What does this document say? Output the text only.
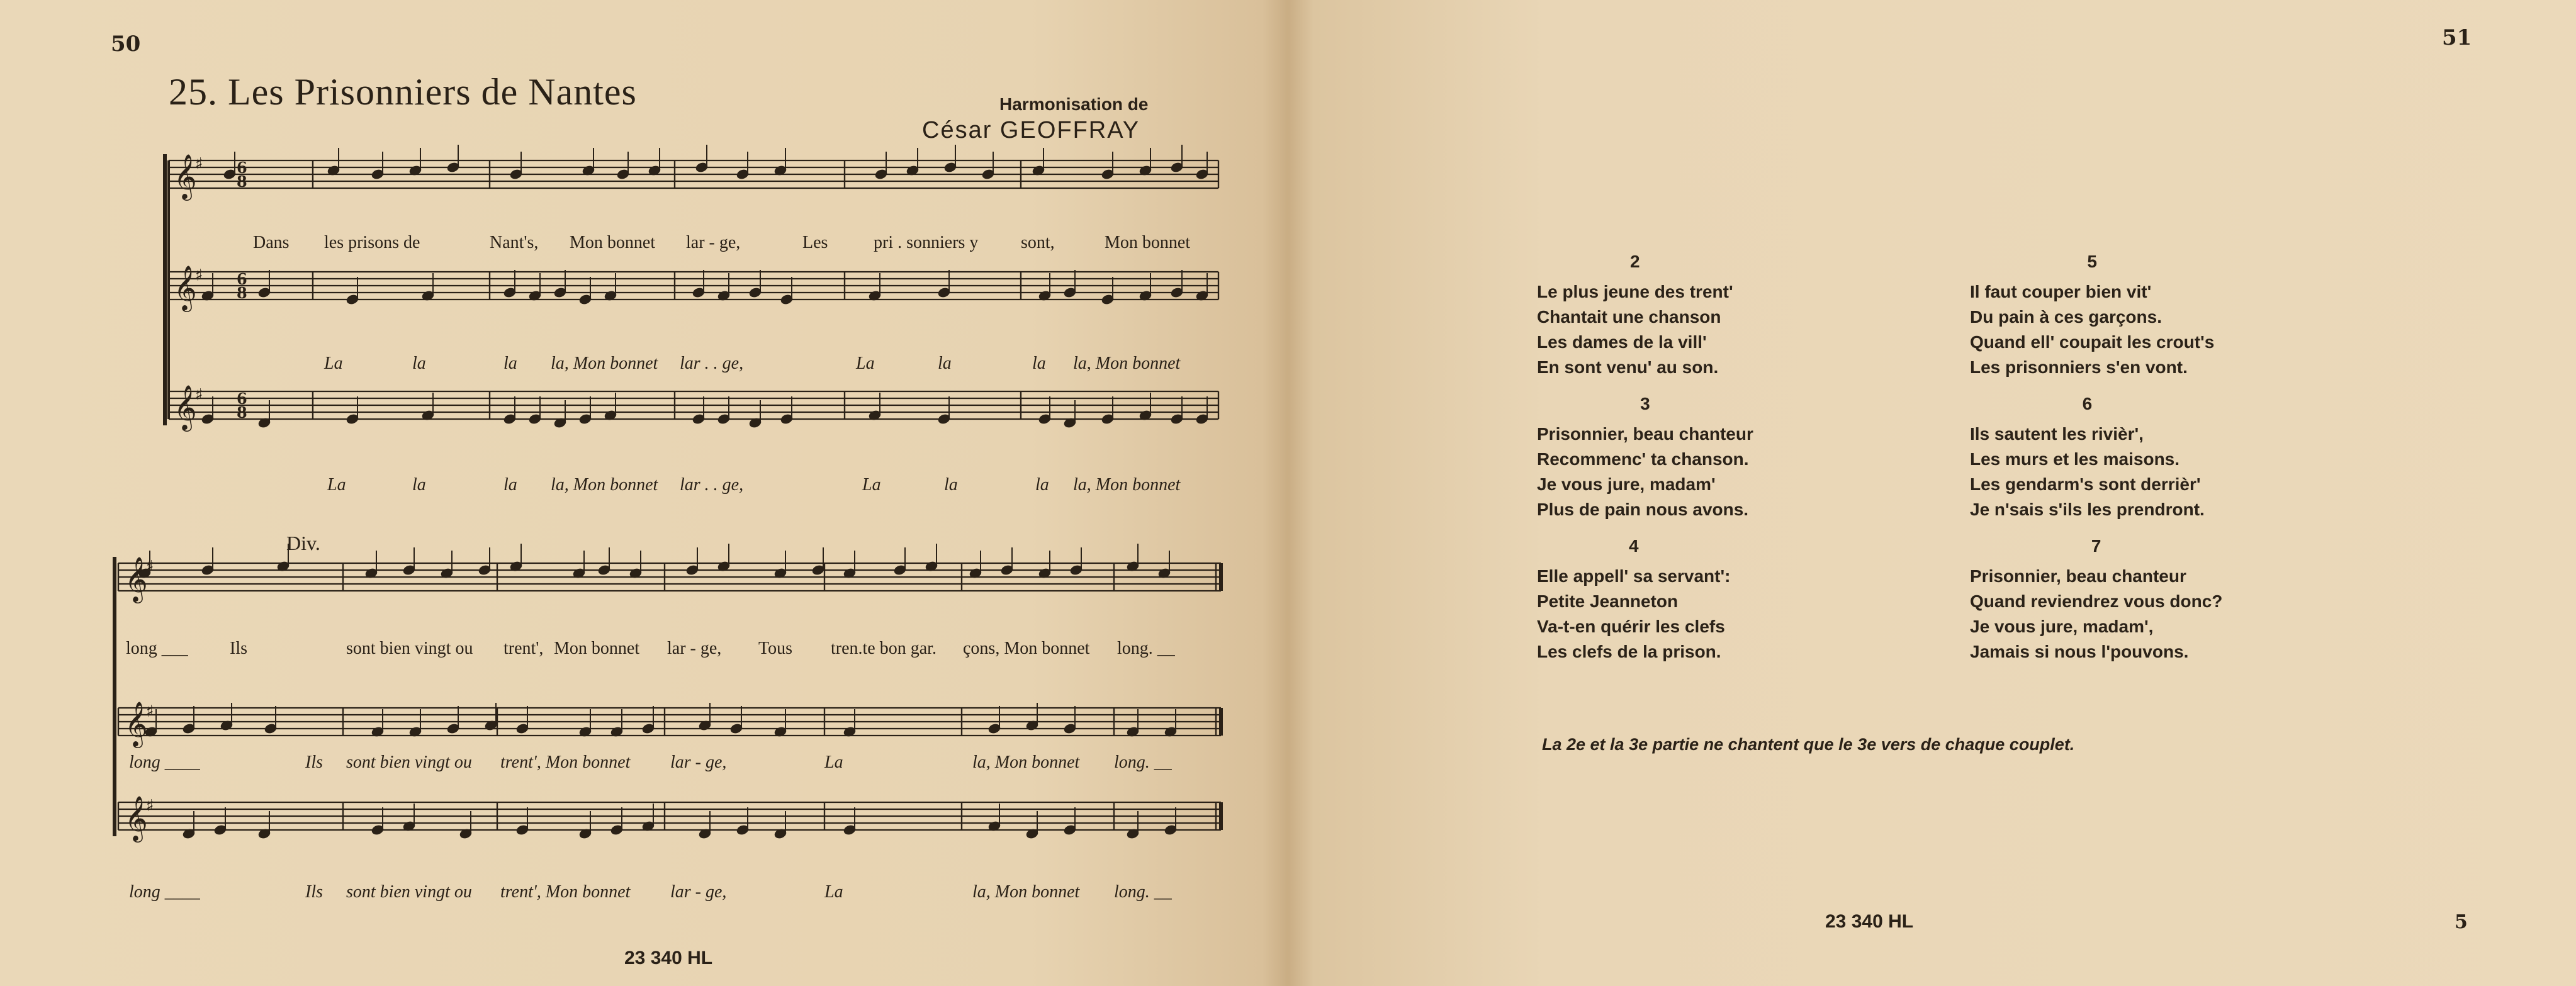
50
25. Les Prisonniers de Nantes	Harmonisation de
César GEOFFRAY
Div.
23 340 HL
𝄞
♯ 6
8
𝄞
♯ 6
8
𝄞
♯ 6
8
𝄞
♯
𝄞
♯
𝄞
♯
Dans les prisons de	Nant's, Mon bonnet lar - ge,	Les	pri . sonniers y sont,	Mon bonnet
La	la	la la, Mon bonnet lar . . ge,	La	la	la la, Mon bonnet
La	la	la la, Mon bonnet lar . . ge,	La	la	la la, Mon bonnet
long ___ Ils	sont bien vingt ou trent', Mon bonnet lar - ge, Tous tren.te bon gar. çons, Mon bonnet long. __
long ____	Ils sont bien vingt ou trent', Mon bonnet lar - ge,	La	la, Mon bonnet long. __
long ____	Ils sont bien vingt ou trent', Mon bonnet lar - ge,	La	la, Mon bonnet long. __
51
23 340 HL	5
2
Le plus jeune des trent'
Chantait une chanson
Les dames de la vill'
En sont venu' au son.
3
Prisonnier, beau chanteur
Recommenc' ta chanson.
Je vous jure, madam'
Plus de pain nous avons.
4
Elle appell' sa servant':
Petite Jeanneton
Va-t-en quérir les clefs
Les clefs de la prison.
5
Il faut couper bien vit'
Du pain à ces garçons.
Quand ell' coupait les crout's
Les prisonniers s'en vont.
6
Ils sautent les rivièr',
Les murs et les maisons.
Les gendarm's sont derrièr'
Je n'sais s'ils les prendront.
7
Prisonnier, beau chanteur
Quand reviendrez vous donc?
Je vous jure, madam',
Jamais si nous l'pouvons.
La 2e et la 3e partie ne chantent que le 3e vers de chaque couplet.
